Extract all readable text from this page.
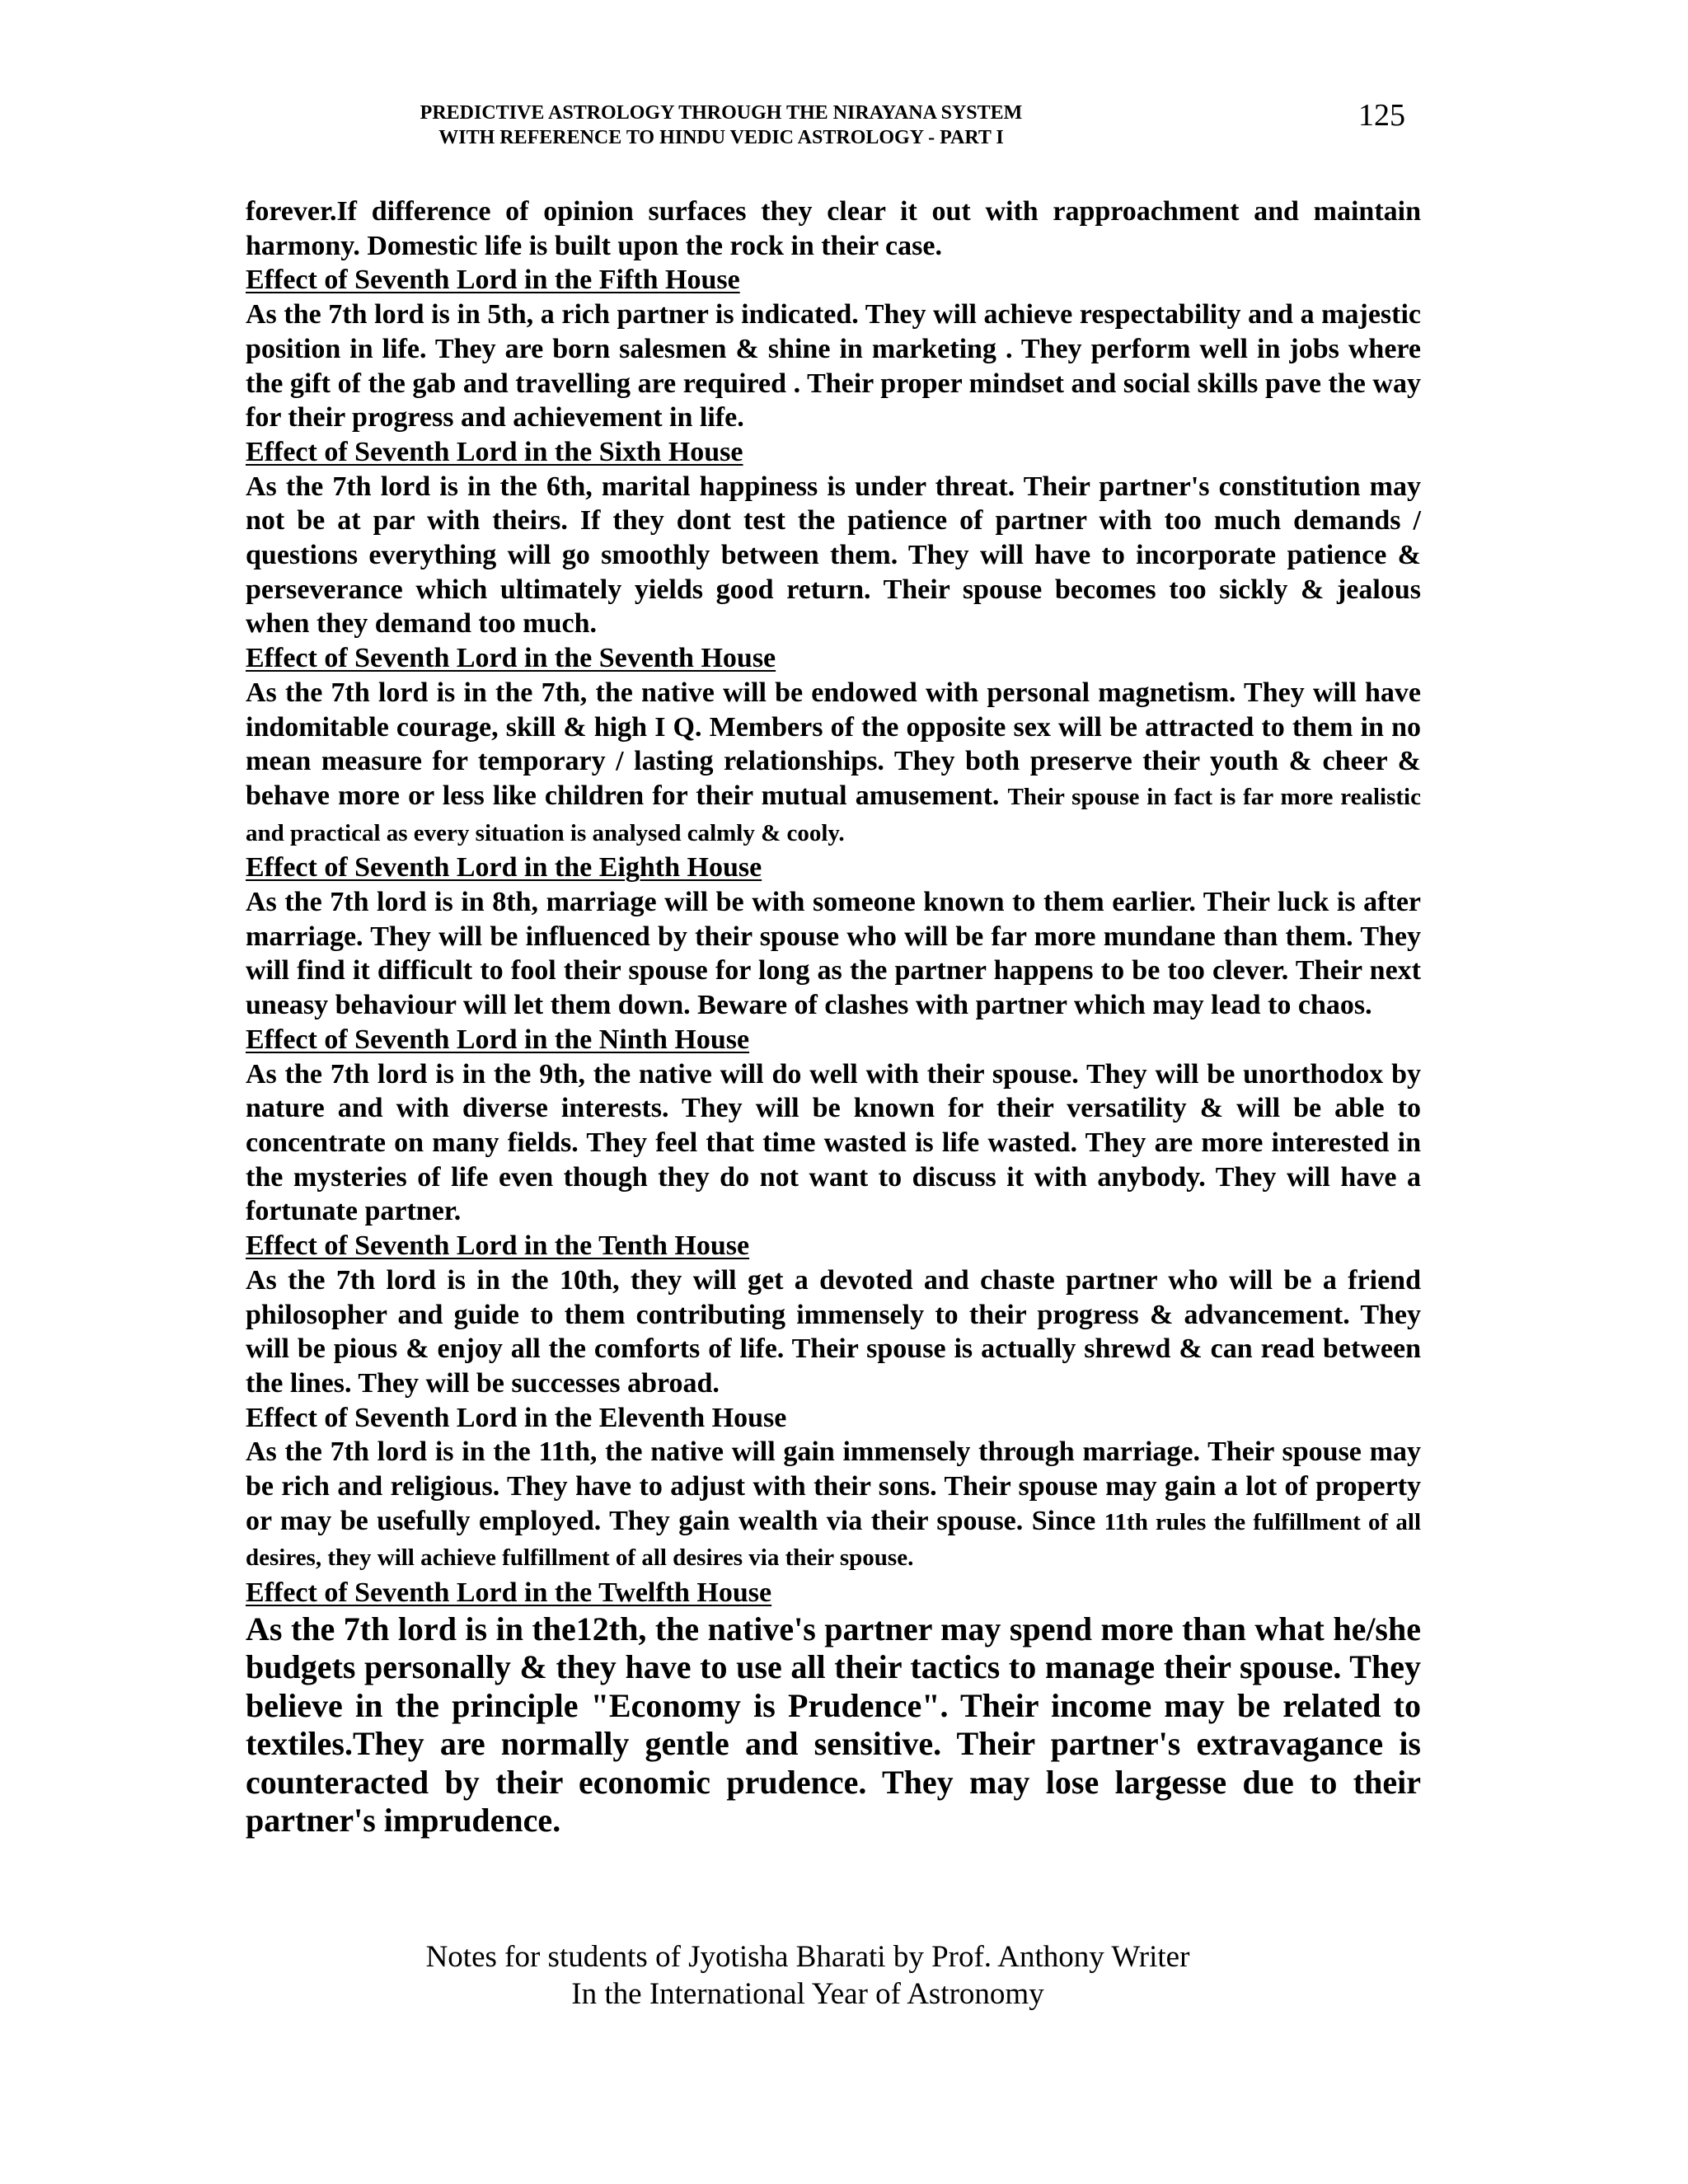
PREDICTIVE ASTROLOGY THROUGH THE NIRAYANA SYSTEM
WITH REFERENCE TO HINDU VEDIC ASTROLOGY - PART I
125

forever.If difference of opinion surfaces they clear it out with rapproachment and maintain harmony. Domestic life is built upon the rock in their case.

Effect of Seventh Lord in the Fifth House

As the 7th lord is in 5th, a rich partner is indicated. They will achieve respectability and a majestic position in life. They are born salesmen & shine in marketing . They perform well in jobs where the gift of the gab and travelling are required . Their proper mindset and social skills pave the way for their progress and achievement in life.

Effect of Seventh Lord in the Sixth House

As the 7th lord is in the 6th, marital happiness is under threat. Their partner's constitution may not be at par with theirs. If they dont test the patience of partner with too much demands / questions everything will go smoothly between them. They will have to incorporate patience & perseverance which ultimately yields good return. Their spouse becomes too sickly & jealous when they demand too much.

Effect of Seventh Lord in the Seventh House

As the 7th lord is in the 7th, the native will be endowed with personal magnetism. They will have indomitable courage, skill & high I Q. Members of the opposite sex will be attracted to them in no mean measure for temporary / lasting relationships. They both preserve their youth & cheer & behave more or less like children for their mutual amusement. Their spouse in fact is far more realistic and practical as every situation is analysed calmly & cooly.

Effect of Seventh Lord in the Eighth House

As the 7th lord is in 8th, marriage will be with someone known to them earlier. Their luck is after marriage. They will be influenced by their spouse who will be far more mundane than them. They will find it difficult to fool their spouse for long as the partner happens to be too clever. Their next uneasy behaviour will let them down. Beware of clashes with partner which may lead to chaos.

Effect of Seventh Lord in the Ninth House

As the 7th lord is in the 9th, the native will do well with their spouse. They will be unorthodox by nature and with diverse interests. They will be known for their versatility & will be able to concentrate on many fields. They feel that time wasted is life wasted. They are more interested in the mysteries of life even though they do not want to discuss it with anybody. They will have a fortunate partner.

Effect of Seventh Lord in the Tenth House

As the 7th lord is in the 10th, they will get a devoted and chaste partner who will be a friend philosopher and guide to them contributing immensely to their progress & advancement. They will be pious & enjoy all the comforts of life. Their spouse is actually shrewd & can read between the lines. They will be successes abroad.

Effect of Seventh Lord in the Eleventh House

As the 7th lord is in the 11th, the native will gain immensely through marriage. Their spouse may be rich and religious. They have to adjust with their sons. Their spouse may gain a lot of property or may be usefully employed. They gain wealth via their spouse. Since 11th rules the fulfillment of all desires, they will achieve fulfillment of all desires via their spouse.

Effect of Seventh Lord in the Twelfth House

As the 7th lord is in the12th, the native's partner may spend more than what he/she budgets personally & they have to use all their tactics to manage their spouse. They believe in the principle "Economy is Prudence". Their income may be related to textiles.They are normally gentle and sensitive. Their partner's extravagance is counteracted by their economic prudence. They may lose largesse due to their partner's imprudence.

Notes for students of Jyotisha Bharati by Prof. Anthony Writer
In the International Year of Astronomy
